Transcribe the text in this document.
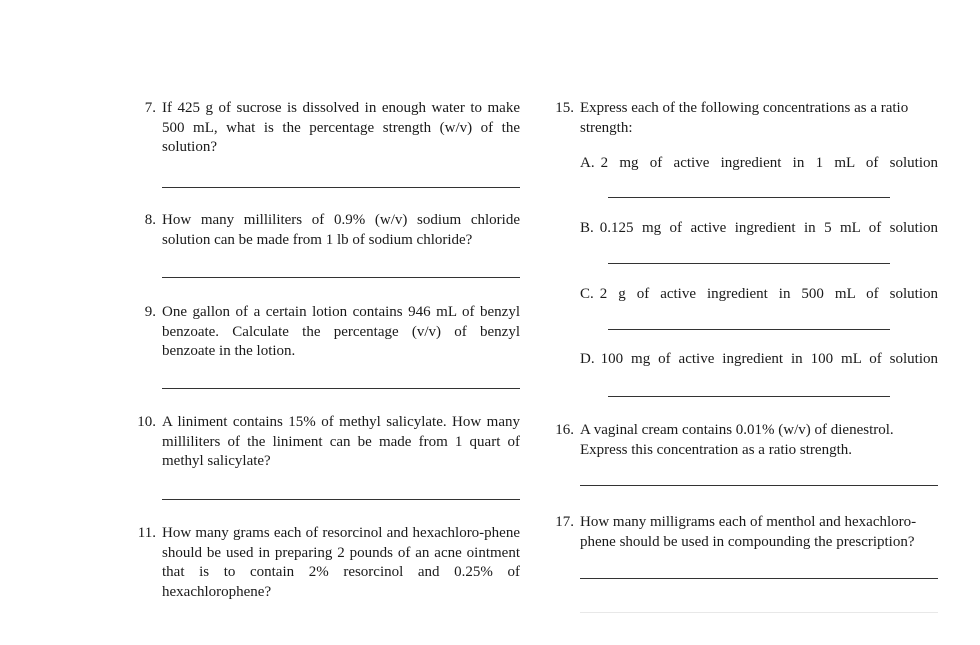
7. If 425 g of sucrose is dissolved in enough water to make 500 mL, what is the percentage strength (w/v) of the solution?
8. How many milliliters of 0.9% (w/v) sodium chloride solution can be made from 1 lb of sodium chloride?
9. One gallon of a certain lotion contains 946 mL of benzyl benzoate. Calculate the percentage (v/v) of benzyl benzoate in the lotion.
10. A liniment contains 15% of methyl salicylate. How many milliliters of the liniment can be made from 1 quart of methyl salicylate?
11. How many grams each of resorcinol and hexachloro-phene should be used in preparing 2 pounds of an acne ointment that is to contain 2% resorcinol and 0.25% of hexachlorophene?
15. Express each of the following concentrations as a ratio strength:
A. 2 mg of active ingredient in 1 mL of solution
B. 0.125 mg of active ingredient in 5 mL of solution
C. 2 g of active ingredient in 500 mL of solution
D. 100 mg of active ingredient in 100 mL of solution
16. A vaginal cream contains 0.01% (w/v) of dienestrol. Express this concentration as a ratio strength.
17. How many milligrams each of menthol and hexachloro-phene should be used in compounding the prescription?
